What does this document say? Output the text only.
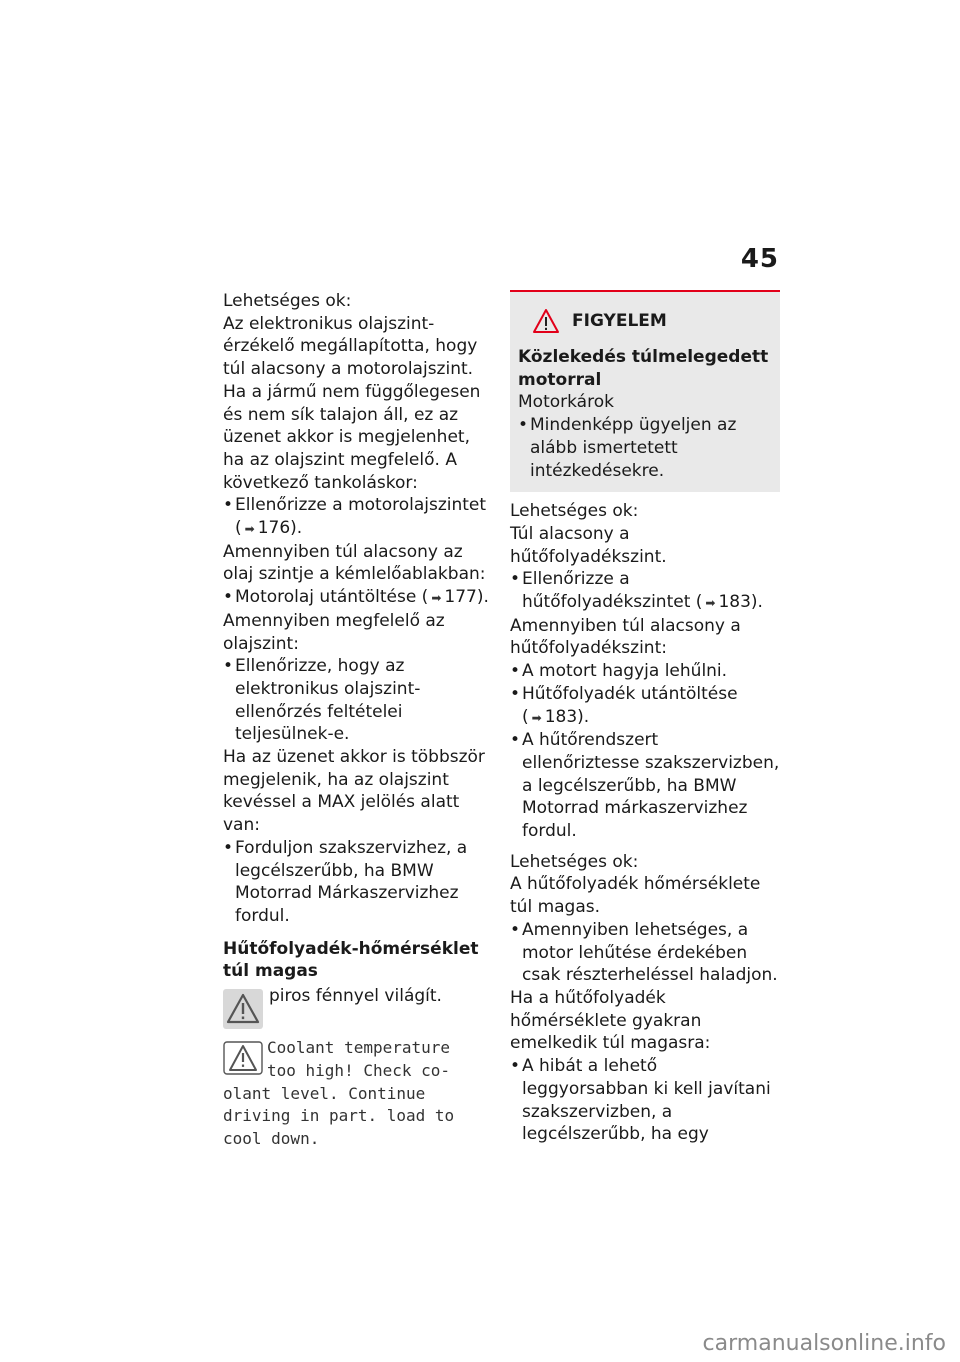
45

Lehetséges ok:

Az elektronikus olajszint-érzékelő megállapította, hogy túl alacsony a motorolajszint. Ha a jármű nem függőlegesen és nem sík talajon áll, ez az üzenet akkor is megjelenhet, ha az olajszint megfelelő. A következő tankoláskor:

• Ellenőrizze a motorolajszintet ( ➡ 176).

Amennyiben túl alacsony az olaj szintje a kémlelőablakban:

• Motorolaj utántöltése ( ➡ 177).

Amennyiben megfelelő az olajszint:

• Ellenőrizze, hogy az elektronikus olajszint-ellenőrzés feltételei teljesülnek-e.

Ha az üzenet akkor is többször megjelenik, ha az olajszint kevéssel a MAX jelölés alatt van:

• Forduljon szakszervizhez, a legcélszerűbb, ha BMW Motorrad Márkaszervizhez fordul.

Hűtőfolyadék-hőmérséklet túl magas

piros fénnyel világít.
Coolant temperature
too high! Check co-
olant level. Continue driving in part. load to cool down.
FIGYELEM

Közlekedés túlmelegedett motorral

Motorkárok

• Mindenképp ügyeljen az alább ismertetett intézkedésekre.

Lehetséges ok:

Túl alacsony a hűtőfolyadékszint.

• Ellenőrizze a hűtőfolyadékszintet ( ➡ 183).

Amennyiben túl alacsony a hűtőfolyadékszint:

• A motort hagyja lehűlni.

• Hűtőfolyadék utántöltése ( ➡ 183).

• A hűtőrendszert ellenőriztesse szakszervizben, a legcélszerűbb, ha BMW Motorrad márkaszervizhez fordul.

Lehetséges ok:

A hűtőfolyadék hőmérséklete túl magas.

• Amennyiben lehetséges, a motor lehűtése érdekében csak részterheléssel haladjon.

Ha a hűtőfolyadék hőmérséklete gyakran emelkedik túl magasra:

• A hibát a lehető leggyorsabban ki kell javítani szakszervizben, a legcélszerűbb, ha egy

carmanualsonline.info
